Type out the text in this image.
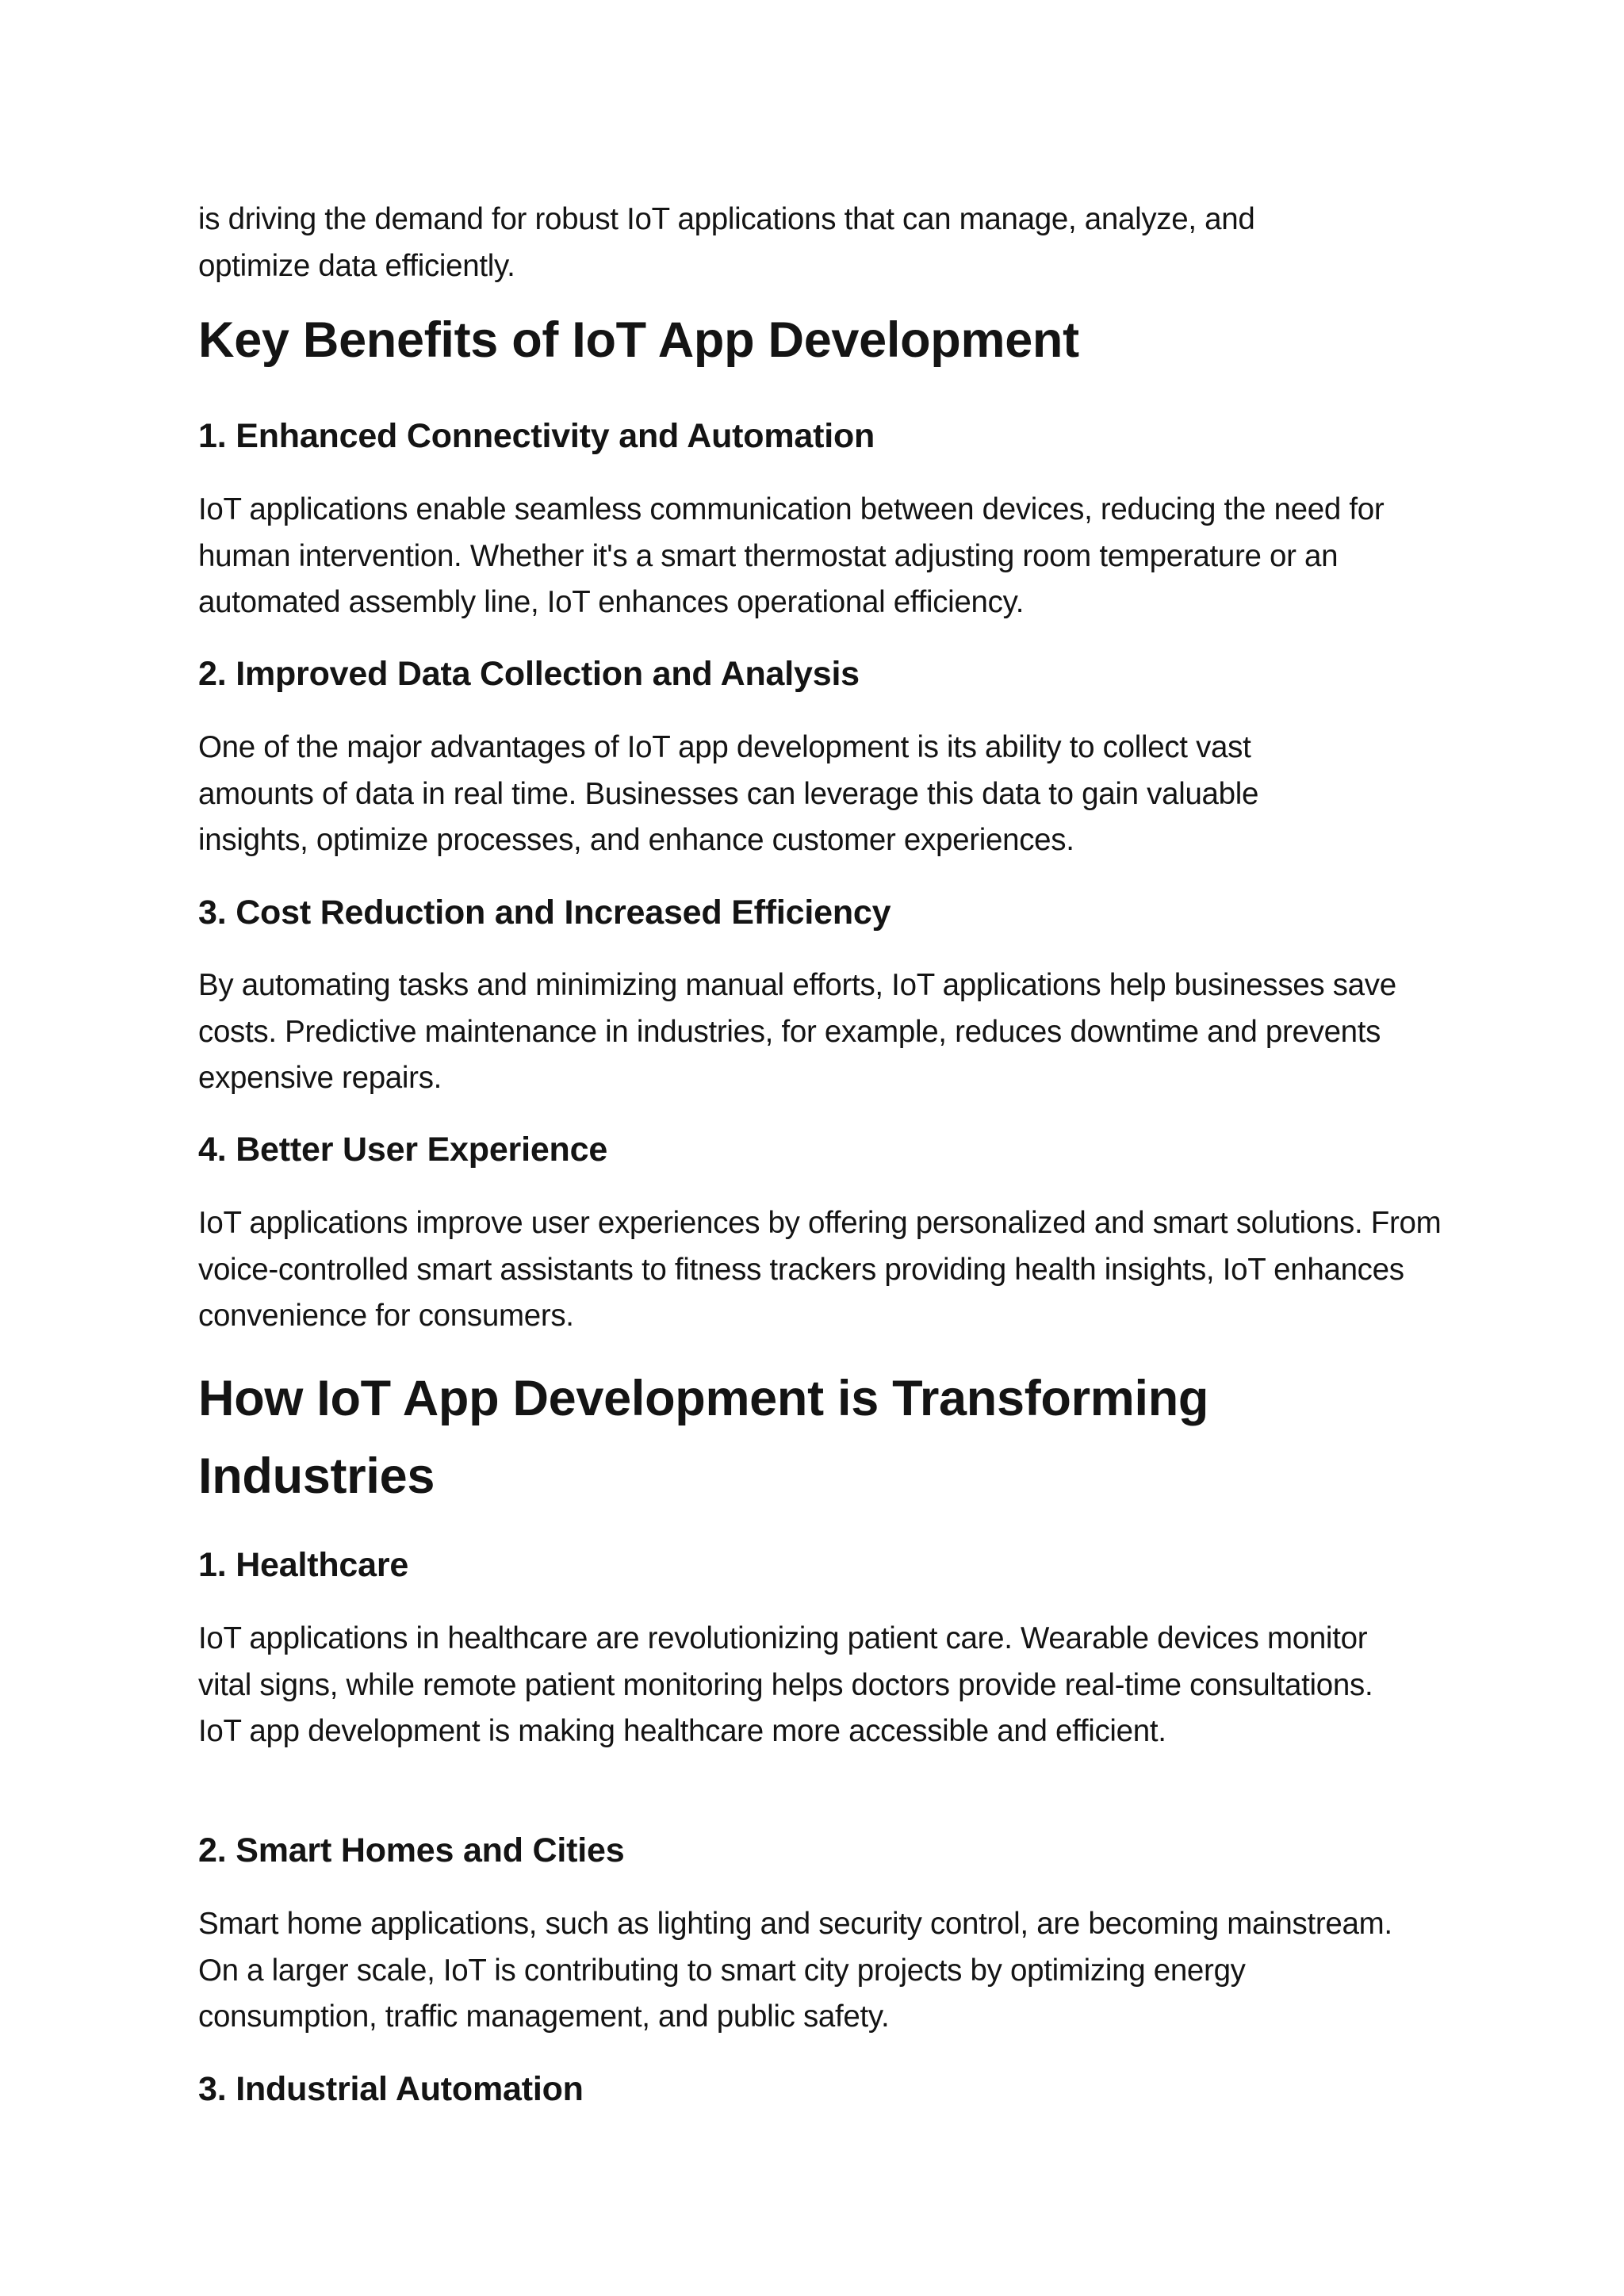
is driving the demand for robust IoT applications that can manage, analyze, and optimize data efficiently.

Key Benefits of IoT App Development
1. Enhanced Connectivity and Automation

IoT applications enable seamless communication between devices, reducing the need for human intervention. Whether it's a smart thermostat adjusting room temperature or an automated assembly line, IoT enhances operational efficiency.

2. Improved Data Collection and Analysis

One of the major advantages of IoT app development is its ability to collect vast amounts of data in real time. Businesses can leverage this data to gain valuable insights, optimize processes, and enhance customer experiences.

3. Cost Reduction and Increased Efficiency

By automating tasks and minimizing manual efforts, IoT applications help businesses save costs. Predictive maintenance in industries, for example, reduces downtime and prevents expensive repairs.

4. Better User Experience

IoT applications improve user experiences by offering personalized and smart solutions. From voice-controlled smart assistants to fitness trackers providing health insights, IoT enhances convenience for consumers.

How IoT App Development is Transforming Industries
1. Healthcare

IoT applications in healthcare are revolutionizing patient care. Wearable devices monitor vital signs, while remote patient monitoring helps doctors provide real-time consultations. IoT app development is making healthcare more accessible and efficient.

2. Smart Homes and Cities

Smart home applications, such as lighting and security control, are becoming mainstream. On a larger scale, IoT is contributing to smart city projects by optimizing energy consumption, traffic management, and public safety.

3. Industrial Automation
